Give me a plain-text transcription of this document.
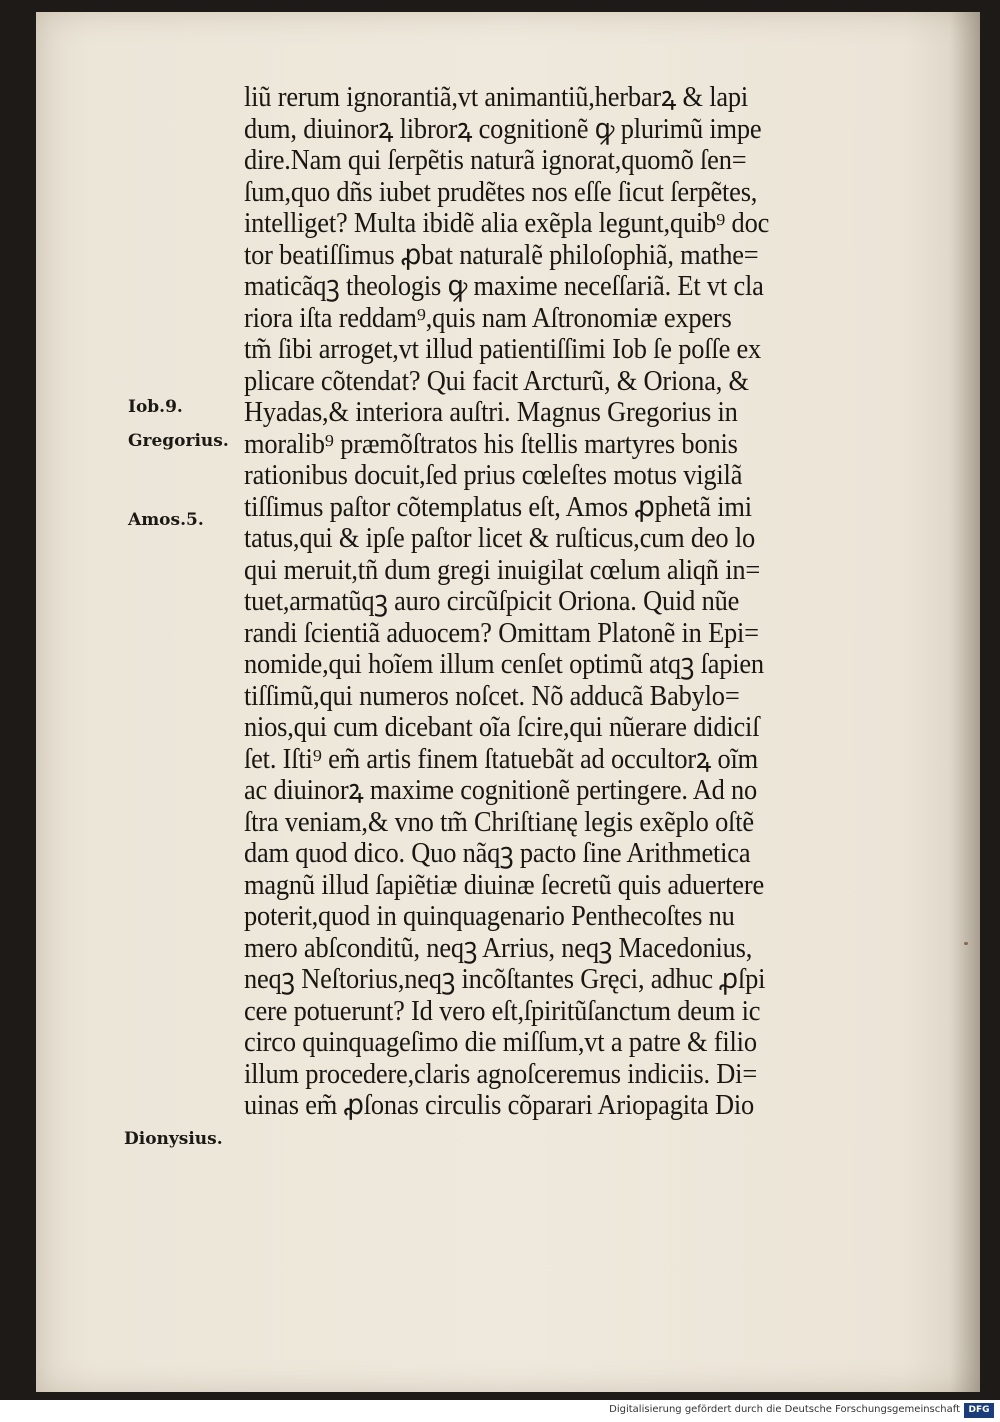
Iob.9.
Gregorius.
Amos.5.
Dionysius.
liũ rerum ignorantiã,vt animantiũ,herbarꝝ & lapi
dum, diuinorꝝ librorꝝ cognitionẽ ꝙ plurimũ impe
dire.Nam qui ſerpẽtis naturã ignorat,quomõ ſen=
ſum,quo dñs iubet prudẽtes nos eſſe ſicut ſerpẽtes,
intelliget? Multa ibidẽ alia exẽpla legunt,quib⁹ doc
tor beatiſſimus ꝓbat naturalẽ philoſophiã, mathe=
maticãqꝫ theologis ꝙ maxime neceſſariã. Et vt cla
riora iſta reddam⁹,quis nam Aſtronomiæ expers
tm̃ ſibi arroget,vt illud patientiſſimi Iob ſe poſſe ex
plicare cõtendat? Qui facit Arcturũ, & Oriona, &
Hyadas,& interiora auſtri. Magnus Gregorius in
moralib⁹ præmõſtratos his ſtellis martyres bonis
rationibus docuit,ſed prius cœleſtes motus vigilã
tiſſimus paſtor cõtemplatus eſt, Amos ꝓphetã imi
tatus,qui & ipſe paſtor licet & ruſticus,cum deo lo
qui meruit,tñ dum gregi inuigilat cœlum aliqñ in=
tuet,armatũqꝫ auro circũſpicit Oriona. Quid nũe
randi ſcientiã aduocem? Omittam Platonẽ in Epi=
nomide,qui hoĩem illum cenſet optimũ atqꝫ ſapien
tiſſimũ,qui numeros noſcet. Nõ adducã Babylo=
nios,qui cum dicebant oĩa ſcire,qui nũerare didiciſ
ſet. Iſti⁹ em̃ artis finem ſtatuebãt ad occultorꝝ oĩm
ac diuinorꝝ maxime cognitionẽ pertingere. Ad no
ſtra veniam,& vno tm̃ Chriſtianę legis exẽplo oſtẽ
dam quod dico. Quo nãqꝫ pacto ſine Arithmetica
magnũ illud ſapiẽtiæ diuinæ ſecretũ quis aduertere
poterit,quod in quinquagenario Penthecoſtes nu
mero abſconditũ, neqꝫ Arrius, neqꝫ Macedonius,
neqꝫ Neſtorius,neqꝫ incõſtantes Gręci, adhuc ꝓſpi
cere potuerunt? Id vero eſt,ſpiritũſanctum deum ic
circo quinquageſimo die miſſum,vt a patre & filio
illum procedere,claris agnoſceremus indiciis. Di=
uinas em̃ ꝓſonas circulis cõparari Ariopagita Dio
Digitalisierung gefördert durch die Deutsche Forschungsgemeinschaft DFG
